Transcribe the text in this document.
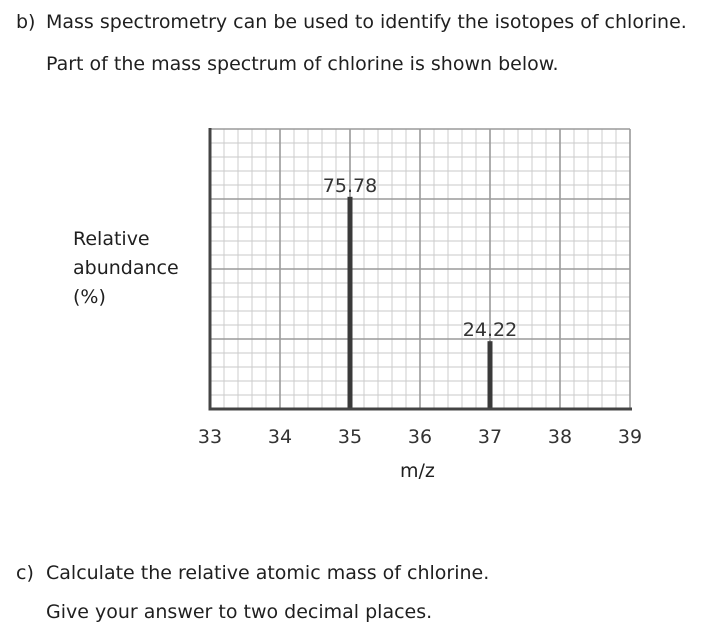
b) Mass spectrometry can be used to identify the isotopes of chlorine.

Part of the mass spectrum of chlorine is shown below.

Relative
abundance
(%)
75.78
24.22
33 34 35 36 37 38 39
m/z

c) Calculate the relative atomic mass of chlorine.

Give your answer to two decimal places.
